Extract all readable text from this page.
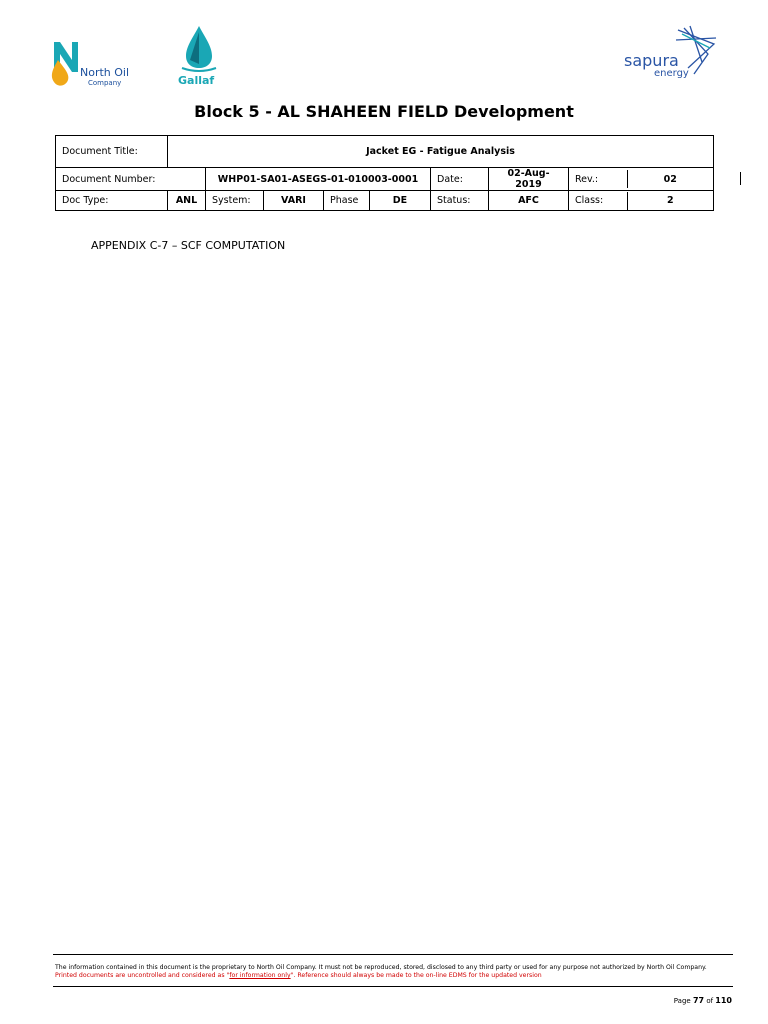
North Oil
Company	Gallaf
sapura
energy
Block 5 - AL SHAHEEN FIELD Development
Document Title:	Jacket EG - Fatigue Analysis
Document Number:	WHP01-SA01-ASEGS-01-010003-0001	Date:	02-Aug-2019		Rev.:	02

Doc Type:	ANL	System:	VARI	Phase	DE	Status:	AFC		Class:	2
APPENDIX C-7 – SCF COMPUTATION
The information contained in this document is the proprietary to North Oil Company. It must not be reproduced, stored, disclosed to any third party or used for any purpose not authorized by North Oil Company. Printed documents are uncontrolled and considered as "for information only". Reference should always be made to the on-line EDMS for the updated version
Page 77 of 110
